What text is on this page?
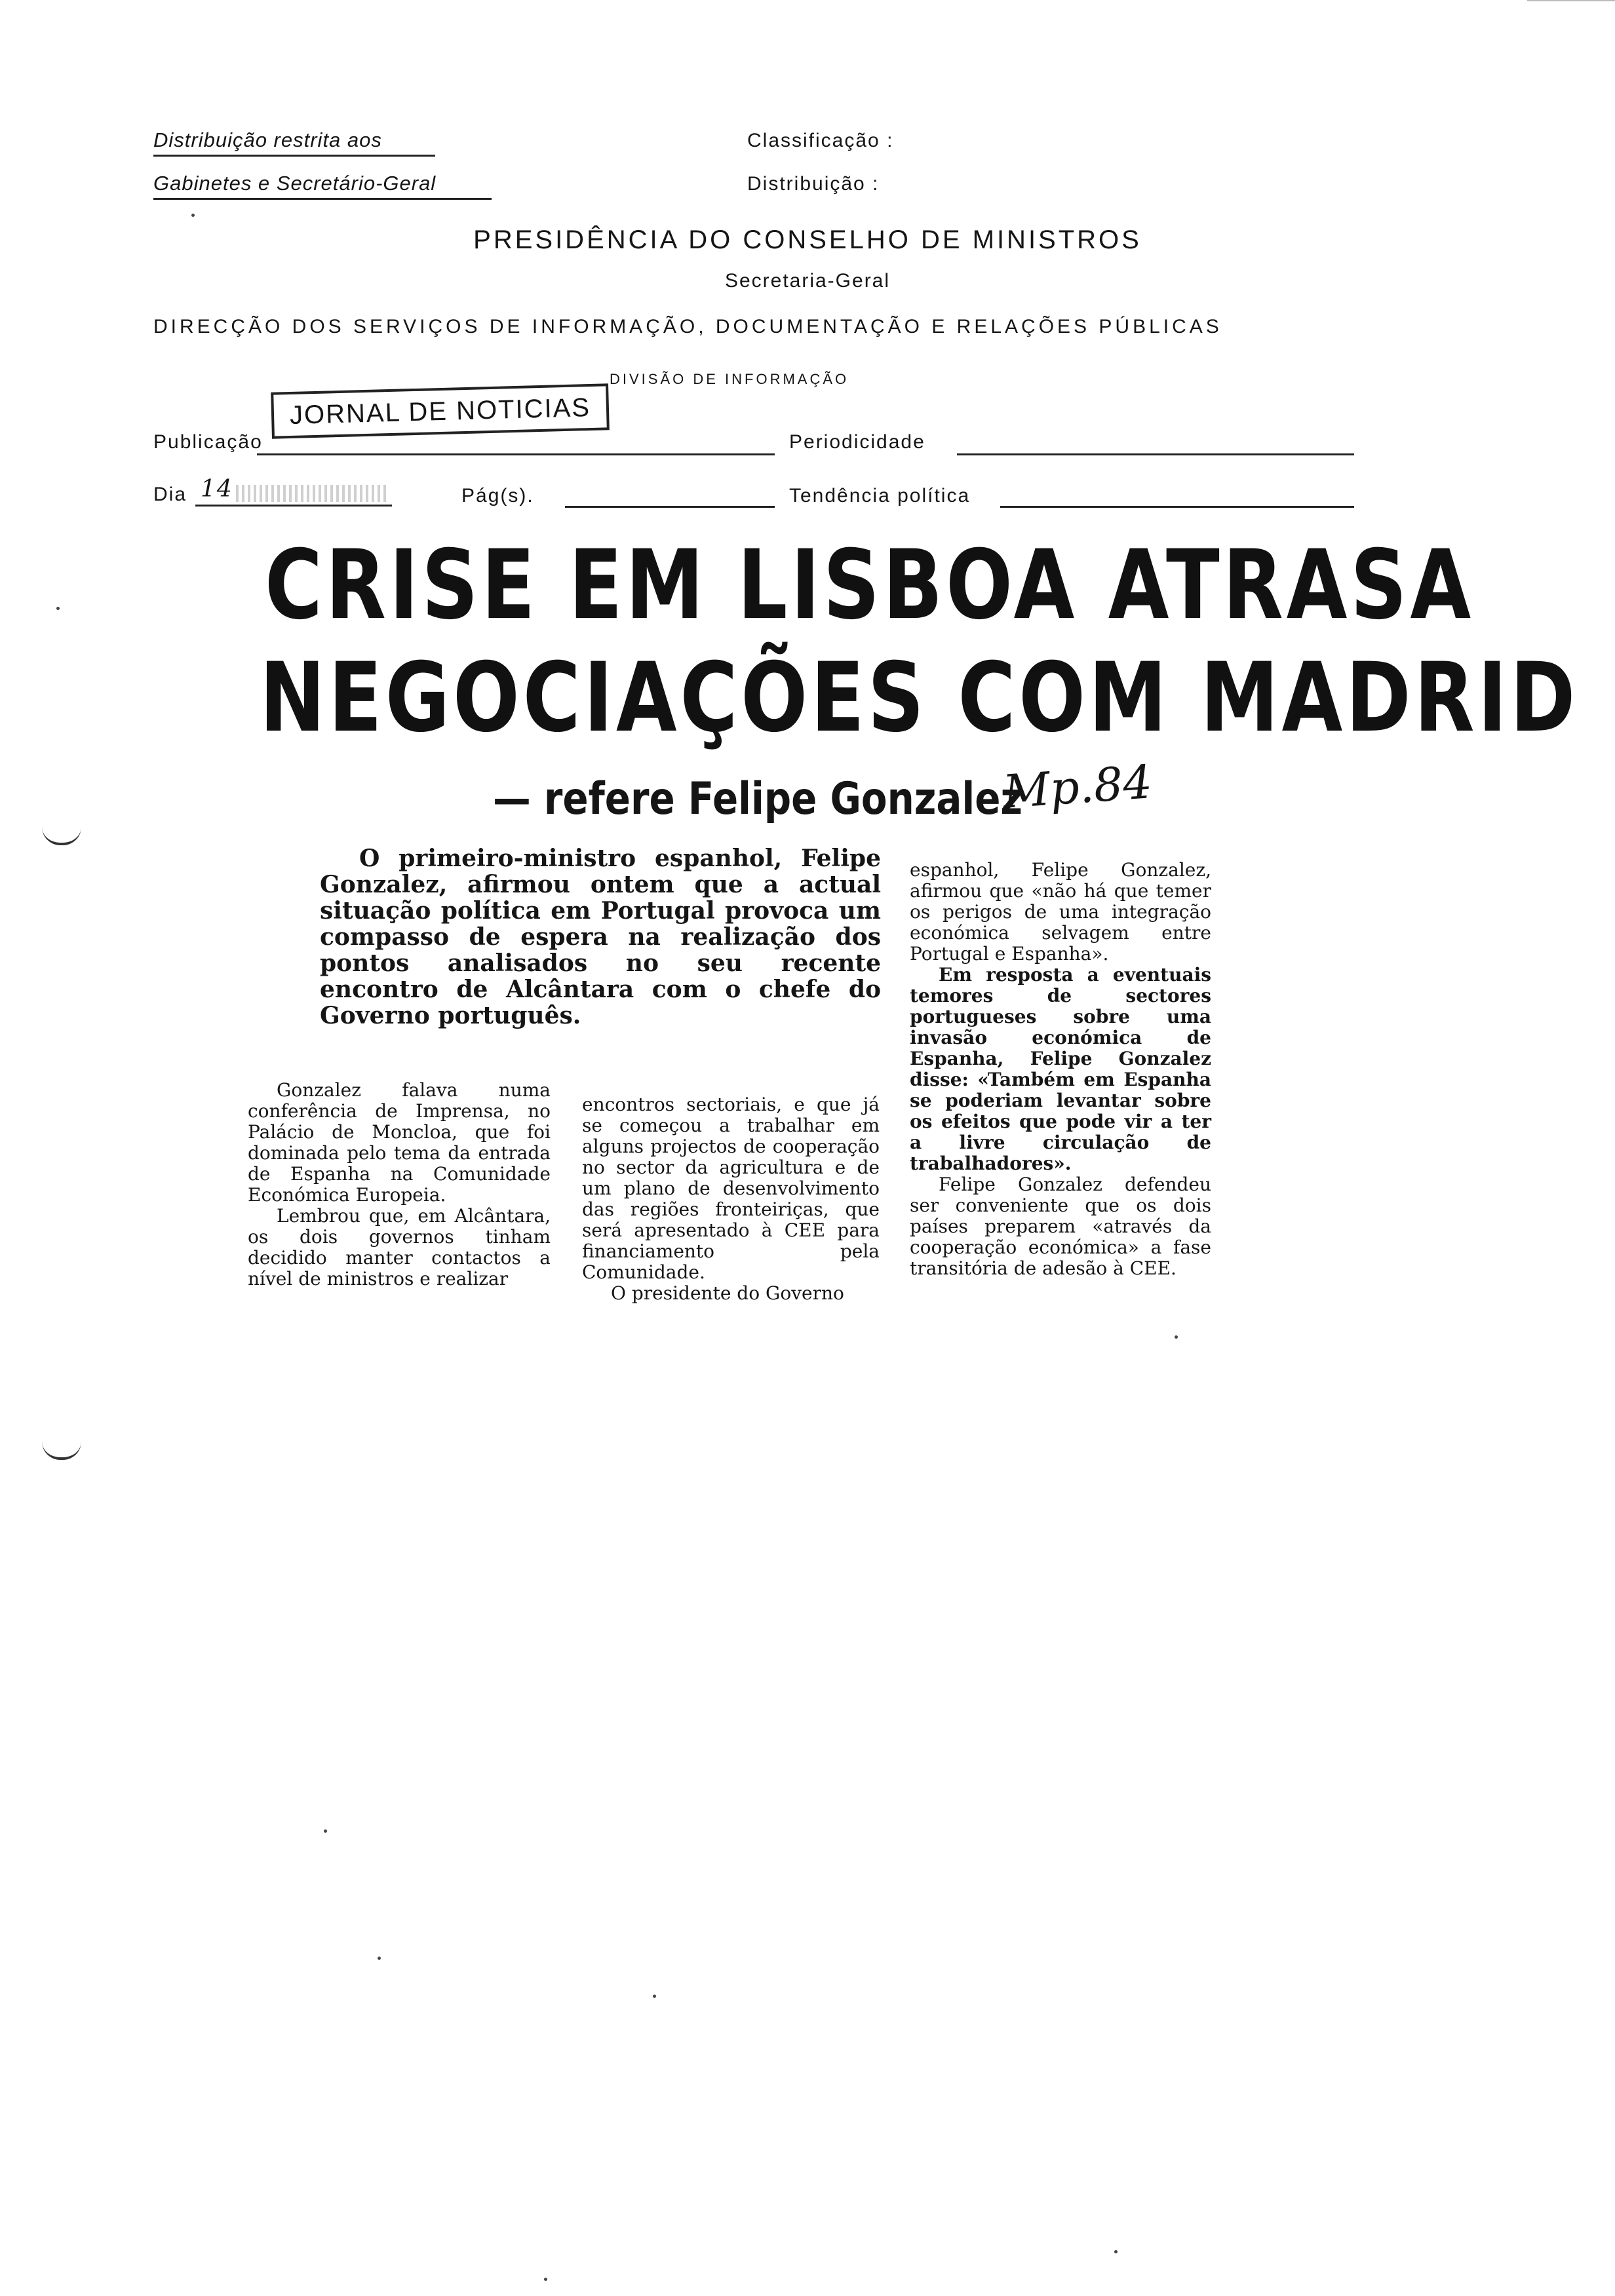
Distribuição restrita aos
Gabinetes e Secretário-Geral
Classificação :
Distribuição :
PRESIDÊNCIA DO CONSELHO DE MINISTROS
Secretaria-Geral
DIRECÇÃO DOS SERVIÇOS DE INFORMAÇÃO, DOCUMENTAÇÃO E RELAÇÕES PÚBLICAS
DIVISÃO DE INFORMAÇÃO
Publicação
JORNAL DE NOTICIAS
Periodicidade
Dia 14	Pág(s).	Tendência política
CRISE EM LISBOA ATRASA
NEGOCIAÇÕES COM MADRID
— refere Felipe Gonzalez
Mp.84

O primeiro-ministro espanhol, Felipe Gonzalez, afirmou ontem que a actual situação política em Portugal provoca um compasso de espera na realização dos pontos analisados no seu recente encontro de Alcântara com o chefe do Governo português.

Gonzalez falava numa conferência de Imprensa, no Palácio de Moncloa, que foi dominada pelo tema da entrada de Espanha na Comunidade Económica Europeia.

Lembrou que, em Alcântara, os dois governos tinham decidido manter contactos a nível de ministros e realizar

encontros sectoriais, e que já se começou a trabalhar em alguns projectos de cooperação no sector da agricultura e de um plano de desenvolvimento das regiões fronteiriças, que será apresentado à CEE para financiamento pela Comunidade.

O presidente do Governo

espanhol, Felipe Gonzalez, afirmou que «não há que temer os perigos de uma integração económica selvagem entre Portugal e Espanha».

Em resposta a eventuais temores de sectores portugueses sobre uma invasão económica de Espanha, Felipe Gonzalez disse: «Também em Espanha se poderiam levantar sobre os efeitos que pode vir a ter a livre circulação de trabalhadores».

Felipe Gonzalez defendeu ser conveniente que os dois países preparem «através da cooperação económica» a fase transitória de adesão à CEE.
